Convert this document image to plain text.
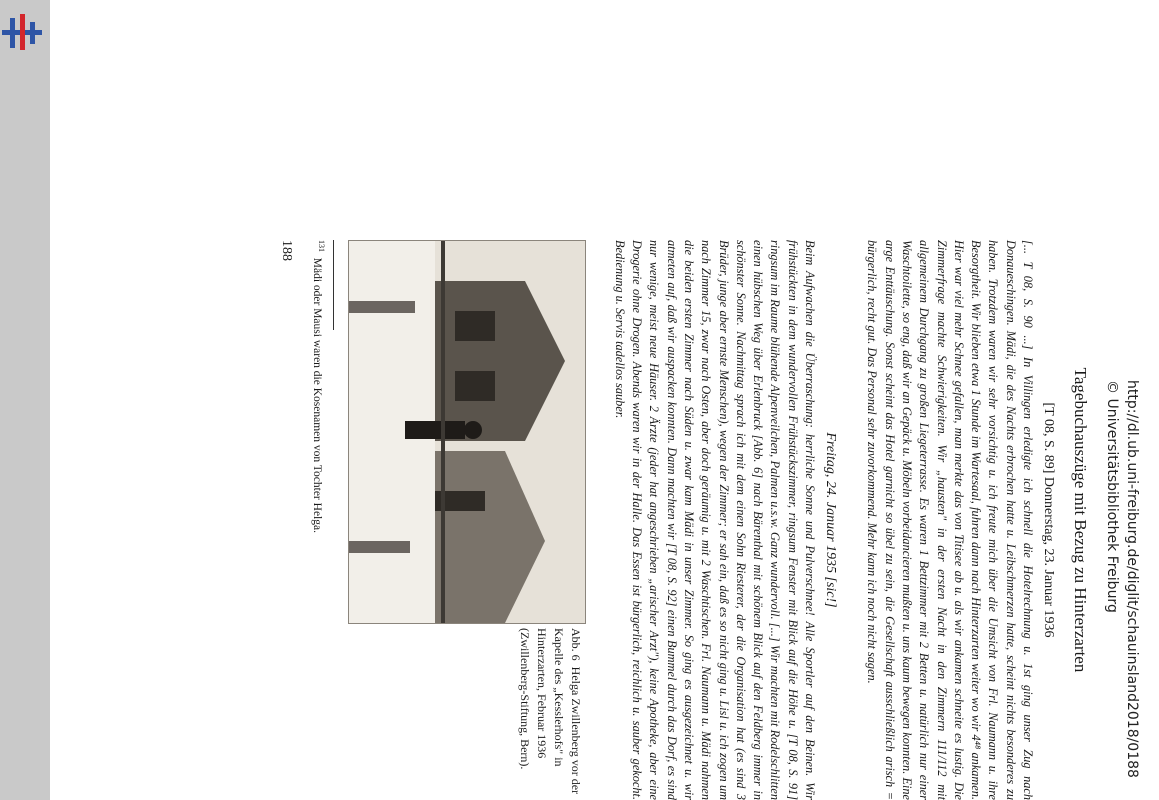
Tagebuchauszüge mit Bezug zu Hinterzarten
[T 08, S. 89] Donnerstag, 23. Januar 1936
[... T 08, S. 90 ...] In Villingen erledigte ich schnell die Hotelrechnung u. 1st ging unser Zug nach Donaueschingen. Mädi, die des Nachts erbrochen hatte u. Leibschmerzen hatte, scheint nichts besonderes zu haben. Trotzdem waren wir sehr vorsichtig u. ich freute mich über die Umsicht von Frl. Naumann u. ihre Besorgtheit. Wir blieben etwa 1 Stunde im Wartesaal, fuhren dann nach Hinterzarten weiter wo wir 4⁴⁸ ankamen. Hier war viel mehr Schnee gefallen, man merkte das von Titisee ab u. als wir ankamen schneite es lustig. Die Zimmerfrage machte Schwierigkeiten. Wir „hausten" in der ersten Nacht in den Zimmern 111/112 mit allgemeinem Durchgang zu großen Liegeterrasse. Es waren 1 Bettzimmer mit 2 Betten u. natürlich nur einer Waschtoilette, so eng, daß wir an Gepäck u. Möbeln vorbeidancieren mußten u. uns kaum bewegen konnten. Eine arge Enttäuschung. Sonst scheint das Hotel garnicht so übel zu sein, die Gesellschaft ausschließlich arisch = bürgerlich, recht gut. Das Personal sehr zuvorkommend. Mehr kann ich noch nicht sagen.
Freitag, 24. Januar 1935 [sic!]
Beim Aufwachen die Überraschung: herrliche Sonne und Pulverschnee! Alle Sportler auf den Beinen. Wir frühstückten in dem wundervollen Frühstückszimmer, ringsum Fenster mit Blick auf die Höhe u. [T 08, S. 91] ringsum im Raume blühende Alpenveilchen, Palmen u.s.w. Ganz wundervoll. [...] Wir machten mit Rodelschlitten einen hübschen Weg über Erlenbruck [Abb. 6] nach Bärenthal mit schönem Blick auf den Feldberg immer in schönster Sonne. Nachmittag sprach ich mit dem einen Sohn Riesterer, der die Organisation hat (es sind 3 Brüder, junge aber ernste Menschen), wegen der Zimmer; er sah ein, daß es so nicht ging u. Lisl u. ich zogen um nach Zimmer 15, zwar nach Osten, aber doch geräumig u. mit 2 Waschtischen. Frl. Naumann u. Mädi nahmen die beiden ersten Zimmer nach Süden u. zwar kam Mädi in unser Zimmer. So ging es ausgezeichnet u. wir atmeten auf, daß wir auspacken konnten. Dann machten wir [T 08, S. 92] einen Bummel durch das Dorf, es sind nur wenige, meist neue Häuser. 2 Ärzte (jeder hat angeschrieben „arischer Arzt"), keine Apotheke, aber eine Drogerie ohne Drogen. Abends waren wir in der Halle. Das Essen ist bürgerlich, reichlich u. sauber gekocht. Bedienung u. Servis tadellos sauber.
Abb. 6  Helga Zwillenberg vor der Kapelle des „Kesslerhofs" in Hinterzarten, Februar 1936 (Zwillenberg-Stiftung, Bern).
$^{131}$  Mädi oder Mausi waren die Kosenamen von Tochter Helga.
188
http://dl.ub.uni-freiburg.de/diglit/schauinsland2018/0188
© Universitätsbibliothek Freiburg
